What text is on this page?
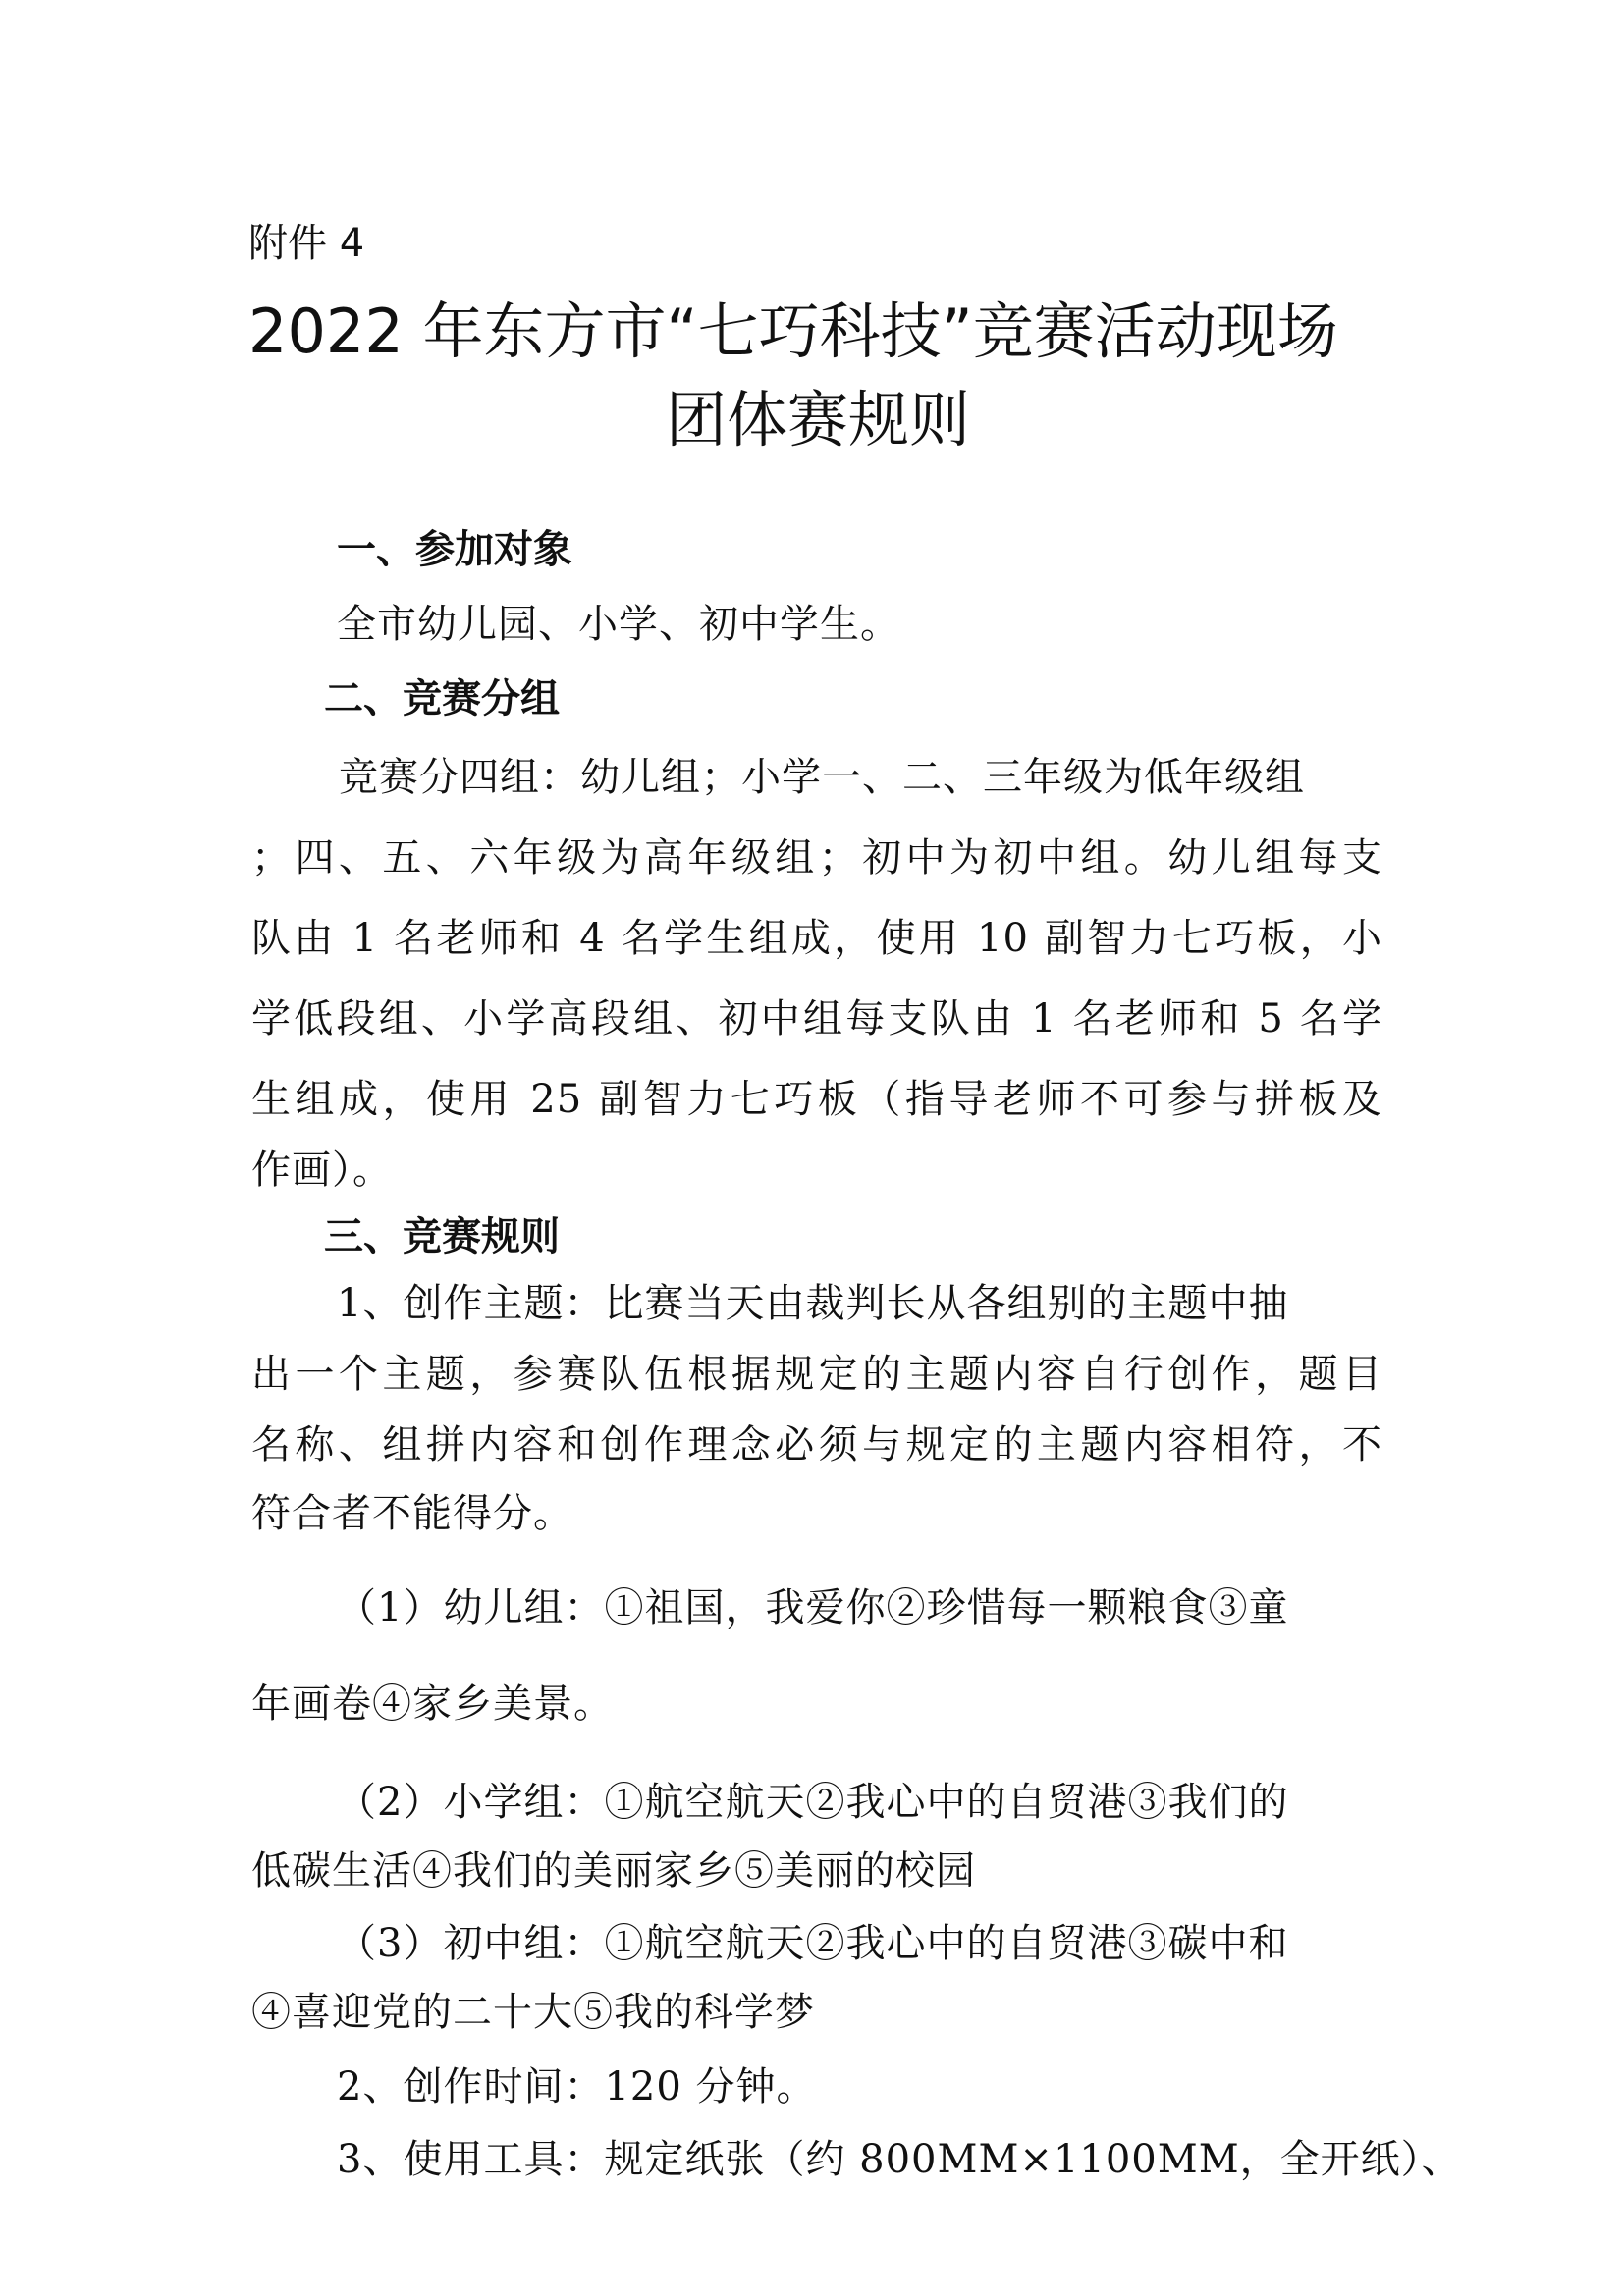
附件 4
2022 年东方市“七巧科技”竞赛活动现场
团体赛规则
一、参加对象
全市幼儿园、小学、初中学生。
二、竞赛分组
竞赛分四组：幼儿组；小学一、二、三年级为低年级组
；四、五、六年级为高年级组；初中为初中组。幼儿组每支
队由 1 名老师和 4 名学生组成，使用 10 副智力七巧板，小
学低段组、小学高段组、初中组每支队由 1 名老师和 5 名学
生组成，使用 25 副智力七巧板（指导老师不可参与拼板及
作画）。
三、竞赛规则
1、创作主题：比赛当天由裁判长从各组别的主题中抽
出一个主题，参赛队伍根据规定的主题内容自行创作，题目
名称、组拼内容和创作理念必须与规定的主题内容相符，不
符合者不能得分。
（1）幼儿组：①祖国，我爱你②珍惜每一颗粮食③童
年画卷④家乡美景。
（2）小学组：①航空航天②我心中的自贸港③我们的
低碳生活④我们的美丽家乡⑤美丽的校园
（3）初中组：①航空航天②我心中的自贸港③碳中和
④喜迎党的二十大⑤我的科学梦
2、创作时间：120 分钟。
3、使用工具：规定纸张（约 800MM×1100MM，全开纸）、
